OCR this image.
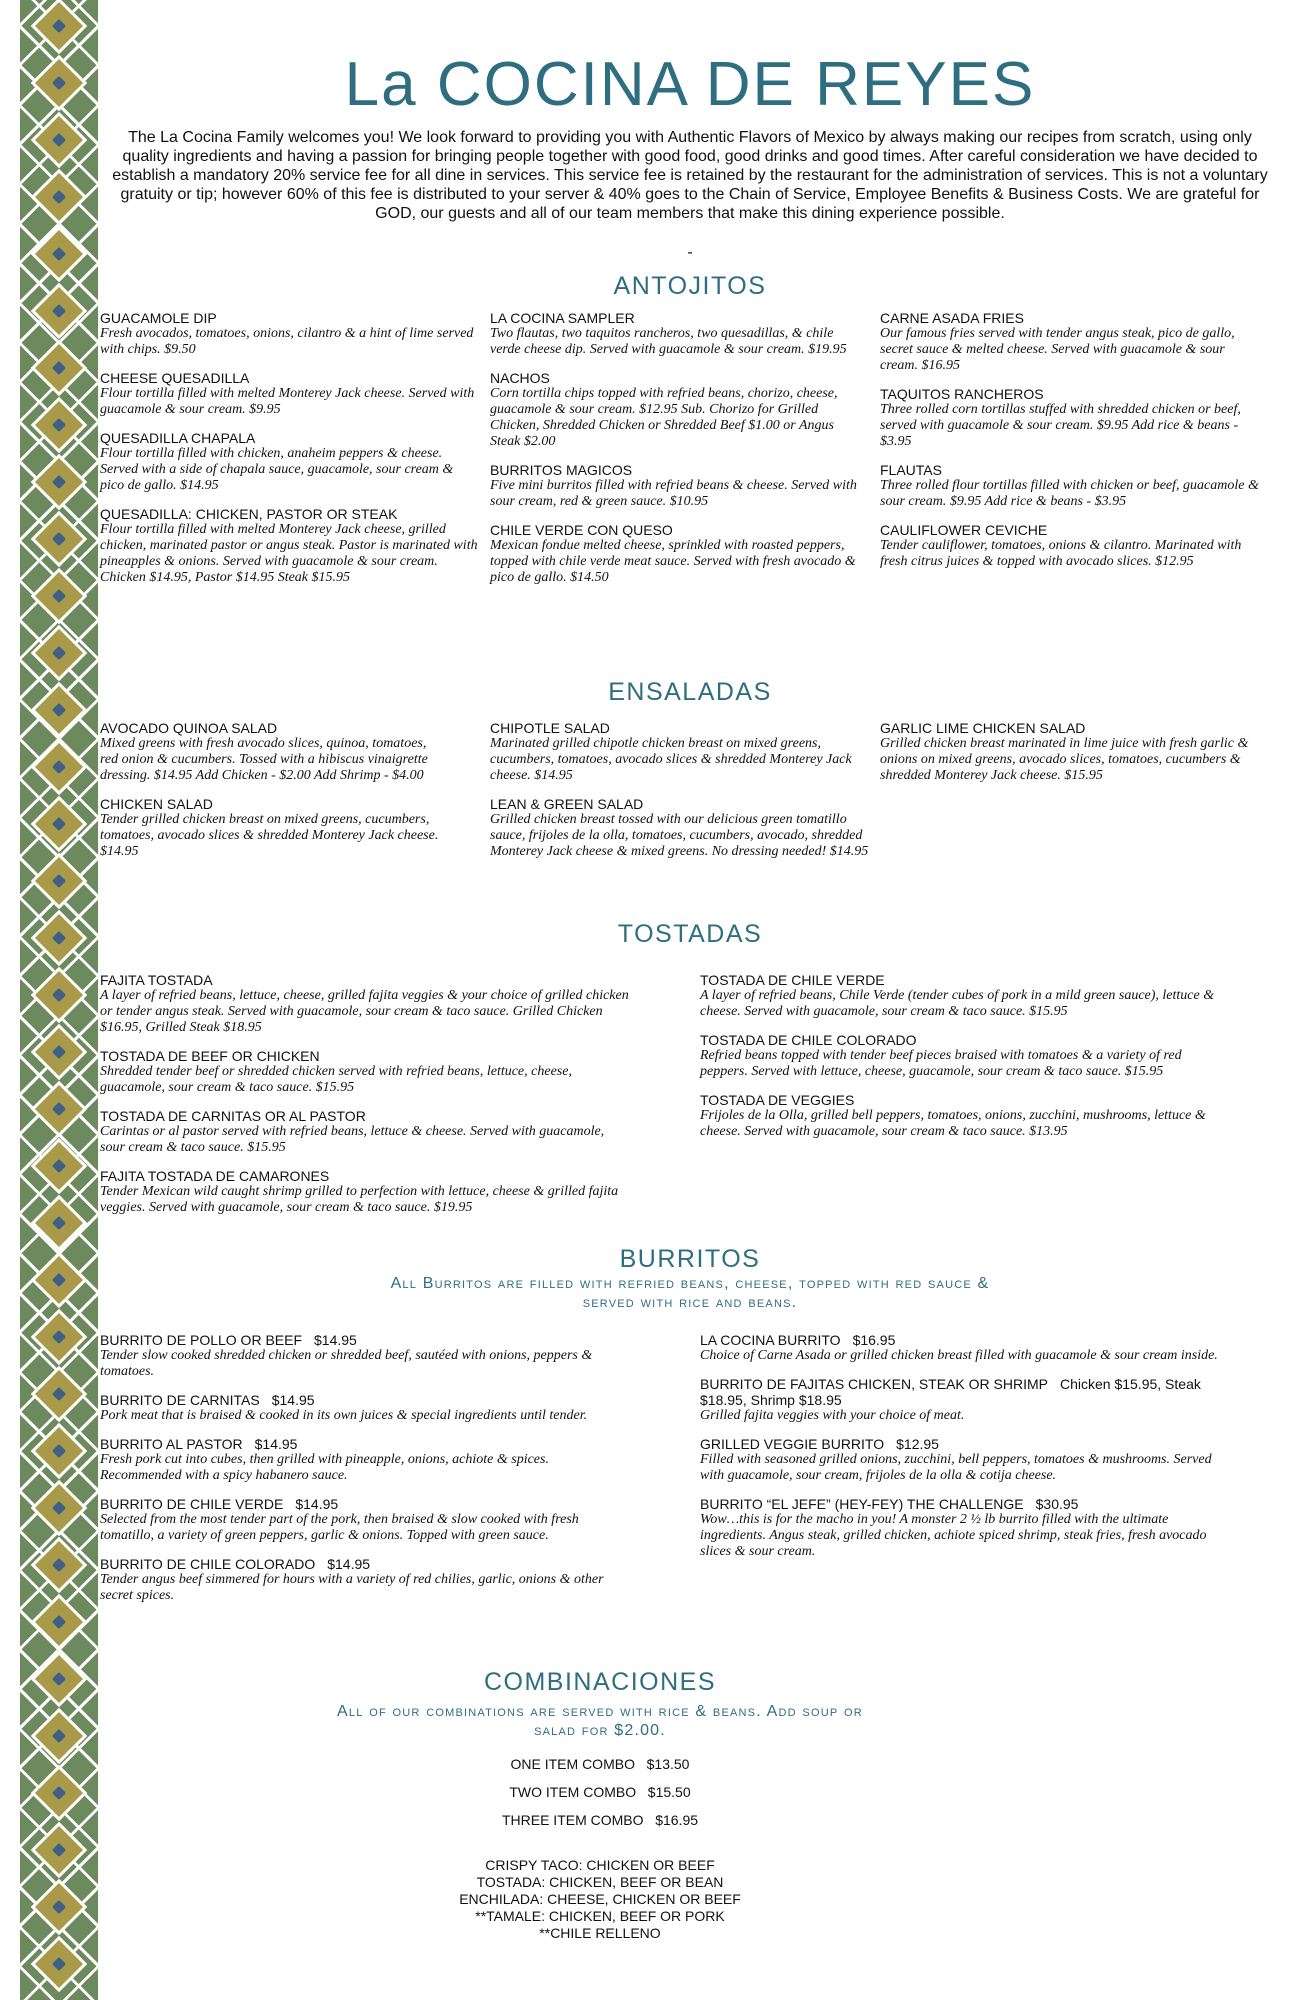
La COCINA DE REYES
The La Cocina Family welcomes you! We look forward to providing you with Authentic Flavors of Mexico by always making our recipes from scratch, using only quality ingredients and having a passion for bringing people together with good food, good drinks and good times. After careful consideration we have decided to establish a mandatory 20% service fee for all dine in services. This service fee is retained by the restaurant for the administration of services. This is not a voluntary gratuity or tip; however 60% of this fee is distributed to your server & 40% goes to the Chain of Service, Employee Benefits & Business Costs. We are grateful for GOD, our guests and all of our team members that make this dining experience possible.
-
ANTOJITOS
GUACAMOLE DIP
Fresh avocados, tomatoes, onions, cilantro & a hint of lime served with chips. $9.50
CHEESE QUESADILLA
Flour tortilla filled with melted Monterey Jack cheese. Served with guacamole & sour cream. $9.95
QUESADILLA CHAPALA
Flour tortilla filled with chicken, anaheim peppers & cheese. Served with a side of chapala sauce, guacamole, sour cream & pico de gallo. $14.95
QUESADILLA: CHICKEN, PASTOR OR STEAK
Flour tortilla filled with melted Monterey Jack cheese, grilled chicken, marinated pastor or angus steak. Pastor is marinated with pineapples & onions. Served with guacamole & sour cream. Chicken $14.95, Pastor $14.95 Steak $15.95
LA COCINA SAMPLER
Two flautas, two taquitos rancheros, two quesadillas, & chile verde cheese dip. Served with guacamole & sour cream. $19.95
NACHOS
Corn tortilla chips topped with refried beans, chorizo, cheese, guacamole & sour cream. $12.95 Sub. Chorizo for Grilled Chicken, Shredded Chicken or Shredded Beef $1.00 or Angus Steak $2.00
BURRITOS MAGICOS
Five mini burritos filled with refried beans & cheese. Served with sour cream, red & green sauce. $10.95
CHILE VERDE CON QUESO
Mexican fondue melted cheese, sprinkled with roasted peppers, topped with chile verde meat sauce. Served with fresh avocado & pico de gallo. $14.50
CARNE ASADA FRIES
Our famous fries served with tender angus steak, pico de gallo, secret sauce & melted cheese. Served with guacamole & sour cream. $16.95
TAQUITOS RANCHEROS
Three rolled corn tortillas stuffed with shredded chicken or beef, served with guacamole & sour cream. $9.95 Add rice & beans - $3.95
FLAUTAS
Three rolled flour tortillas filled with chicken or beef, guacamole & sour cream. $9.95 Add rice & beans - $3.95
CAULIFLOWER CEVICHE
Tender cauliflower, tomatoes, onions & cilantro. Marinated with fresh citrus juices & topped with avocado slices. $12.95
ENSALADAS
AVOCADO QUINOA SALAD
Mixed greens with fresh avocado slices, quinoa, tomatoes, red onion & cucumbers. Tossed with a hibiscus vinaigrette dressing. $14.95 Add Chicken - $2.00 Add Shrimp - $4.00
CHICKEN SALAD
Tender grilled chicken breast on mixed greens, cucumbers, tomatoes, avocado slices & shredded Monterey Jack cheese. $14.95
CHIPOTLE SALAD
Marinated grilled chipotle chicken breast on mixed greens, cucumbers, tomatoes, avocado slices & shredded Monterey Jack cheese. $14.95
LEAN & GREEN SALAD
Grilled chicken breast tossed with our delicious green tomatillo sauce, frijoles de la olla, tomatoes, cucumbers, avocado, shredded Monterey Jack cheese & mixed greens. No dressing needed! $14.95
GARLIC LIME CHICKEN SALAD
Grilled chicken breast marinated in lime juice with fresh garlic & onions on mixed greens, avocado slices, tomatoes, cucumbers & shredded Monterey Jack cheese. $15.95
TOSTADAS
FAJITA TOSTADA
A layer of refried beans, lettuce, cheese, grilled fajita veggies & your choice of grilled chicken or tender angus steak. Served with guacamole, sour cream & taco sauce. Grilled Chicken $16.95, Grilled Steak $18.95
TOSTADA DE BEEF OR CHICKEN
Shredded tender beef or shredded chicken served with refried beans, lettuce, cheese, guacamole, sour cream & taco sauce. $15.95
TOSTADA DE CARNITAS OR AL PASTOR
Carintas or al pastor served with refried beans, lettuce & cheese. Served with guacamole, sour cream & taco sauce. $15.95
FAJITA TOSTADA DE CAMARONES
Tender Mexican wild caught shrimp grilled to perfection with lettuce, cheese & grilled fajita veggies. Served with guacamole, sour cream & taco sauce. $19.95
TOSTADA DE CHILE VERDE
A layer of refried beans, Chile Verde (tender cubes of pork in a mild green sauce), lettuce & cheese. Served with guacamole, sour cream & taco sauce. $15.95
TOSTADA DE CHILE COLORADO
Refried beans topped with tender beef pieces braised with tomatoes & a variety of red peppers. Served with lettuce, cheese, guacamole, sour cream & taco sauce. $15.95
TOSTADA DE VEGGIES
Frijoles de la Olla, grilled bell peppers, tomatoes, onions, zucchini, mushrooms, lettuce & cheese. Served with guacamole, sour cream & taco sauce. $13.95
BURRITOS
All Burritos are filled with refried beans, cheese, topped with red sauce & served with rice and beans.
BURRITO DE POLLO OR BEEF $14.95
Tender slow cooked shredded chicken or shredded beef, sautéed with onions, peppers & tomatoes.
BURRITO DE CARNITAS $14.95
Pork meat that is braised & cooked in its own juices & special ingredients until tender.
BURRITO AL PASTOR $14.95
Fresh pork cut into cubes, then grilled with pineapple, onions, achiote & spices. Recommended with a spicy habanero sauce.
BURRITO DE CHILE VERDE $14.95
Selected from the most tender part of the pork, then braised & slow cooked with fresh tomatillo, a variety of green peppers, garlic & onions. Topped with green sauce.
BURRITO DE CHILE COLORADO $14.95
Tender angus beef simmered for hours with a variety of red chilies, garlic, onions & other secret spices.
LA COCINA BURRITO $16.95
Choice of Carne Asada or grilled chicken breast filled with guacamole & sour cream inside.
BURRITO DE FAJITAS CHICKEN, STEAK OR SHRIMP Chicken $15.95, Steak $18.95, Shrimp $18.95
Grilled fajita veggies with your choice of meat.
GRILLED VEGGIE BURRITO $12.95
Filled with seasoned grilled onions, zucchini, bell peppers, tomatoes & mushrooms. Served with guacamole, sour cream, frijoles de la olla & cotija cheese.
BURRITO “EL JEFE” (HEY-FEY) THE CHALLENGE $30.95
Wow…this is for the macho in you! A monster 2 ½ lb burrito filled with the ultimate ingredients. Angus steak, grilled chicken, achiote spiced shrimp, steak fries, fresh avocado slices & sour cream.
COMBINACIONES
All of our combinations are served with rice & beans. Add soup or salad for $2.00.
ONE ITEM COMBO $13.50
TWO ITEM COMBO $15.50
THREE ITEM COMBO $16.95
CRISPY TACO: CHICKEN OR BEEF
TOSTADA: CHICKEN, BEEF OR BEAN
ENCHILADA: CHEESE, CHICKEN OR BEEF
**TAMALE: CHICKEN, BEEF OR PORK
**CHILE RELLENO
